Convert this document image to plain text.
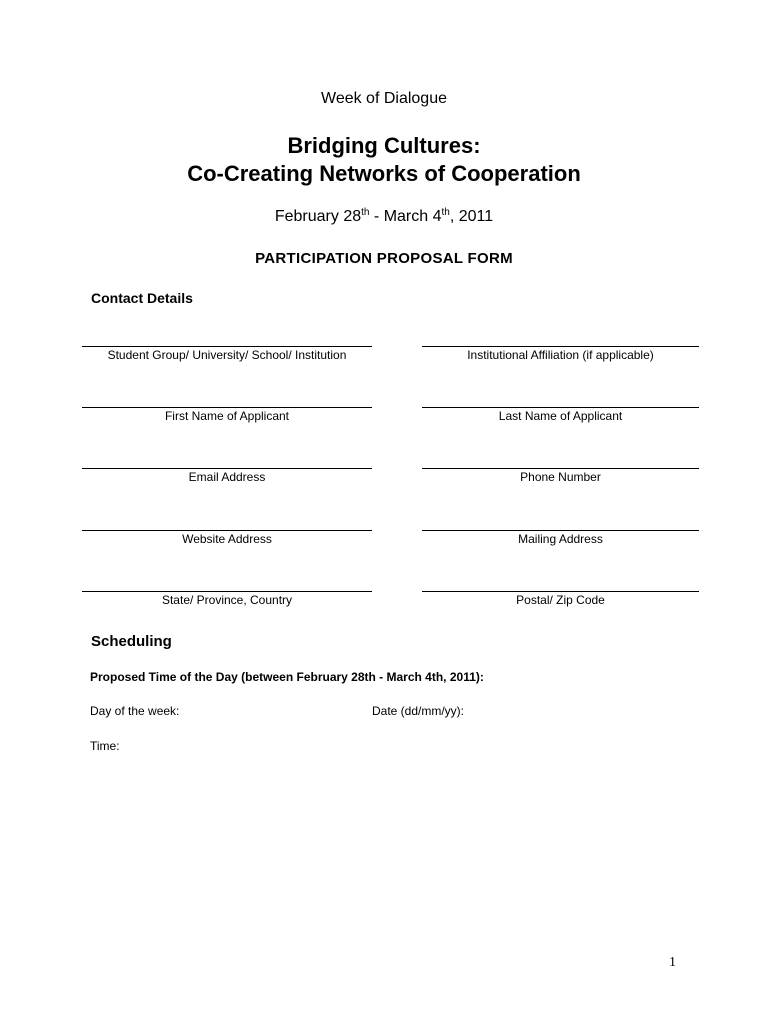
Week of Dialogue
Bridging Cultures:
Co-Creating Networks of Cooperation
February 28th - March 4th, 2011
PARTICIPATION PROPOSAL FORM
Contact Details
Student Group/ University/ School/ Institution	Institutional Affiliation (if applicable)
First Name of Applicant	Last Name of Applicant
Email Address	Phone Number
Website Address	Mailing Address
State/ Province, Country	Postal/ Zip Code
Scheduling
Proposed Time of the Day (between February 28th - March 4th, 2011):
Day of the week:	Date (dd/mm/yy):
Time:
1
